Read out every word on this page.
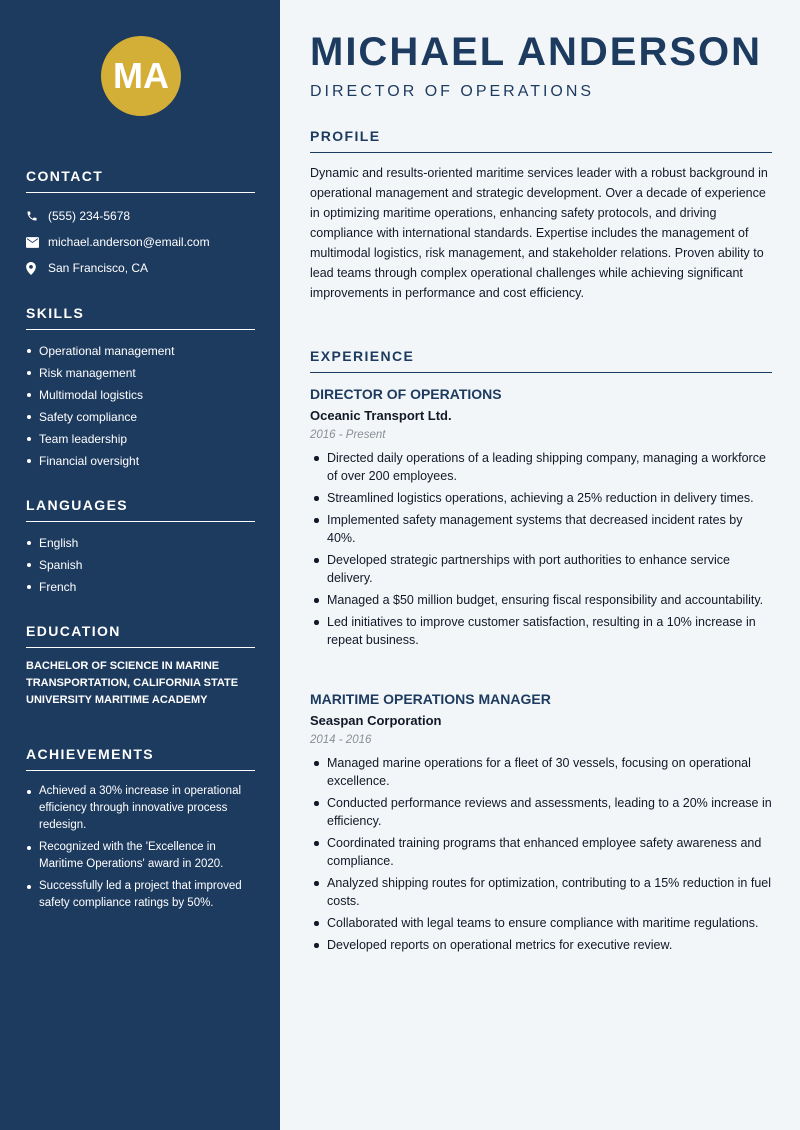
MA
CONTACT
(555) 234-5678
michael.anderson@email.com
San Francisco, CA
SKILLS
Operational management
Risk management
Multimodal logistics
Safety compliance
Team leadership
Financial oversight
LANGUAGES
English
Spanish
French
EDUCATION
BACHELOR OF SCIENCE IN MARINE TRANSPORTATION, CALIFORNIA STATE UNIVERSITY MARITIME ACADEMY
ACHIEVEMENTS
Achieved a 30% increase in operational efficiency through innovative process redesign.
Recognized with the 'Excellence in Maritime Operations' award in 2020.
Successfully led a project that improved safety compliance ratings by 50%.
MICHAEL ANDERSON
DIRECTOR OF OPERATIONS
PROFILE

Dynamic and results-oriented maritime services leader with a robust background in operational management and strategic development. Over a decade of experience in optimizing maritime operations, enhancing safety protocols, and driving compliance with international standards. Expertise includes the management of multimodal logistics, risk management, and stakeholder relations. Proven ability to lead teams through complex operational challenges while achieving significant improvements in performance and cost efficiency.

EXPERIENCE
DIRECTOR OF OPERATIONS
Oceanic Transport Ltd.
2016 - Present
Directed daily operations of a leading shipping company, managing a workforce of over 200 employees.
Streamlined logistics operations, achieving a 25% reduction in delivery times.
Implemented safety management systems that decreased incident rates by 40%.
Developed strategic partnerships with port authorities to enhance service delivery.
Managed a $50 million budget, ensuring fiscal responsibility and accountability.
Led initiatives to improve customer satisfaction, resulting in a 10% increase in repeat business.
MARITIME OPERATIONS MANAGER
Seaspan Corporation
2014 - 2016
Managed marine operations for a fleet of 30 vessels, focusing on operational excellence.
Conducted performance reviews and assessments, leading to a 20% increase in efficiency.
Coordinated training programs that enhanced employee safety awareness and compliance.
Analyzed shipping routes for optimization, contributing to a 15% reduction in fuel costs.
Collaborated with legal teams to ensure compliance with maritime regulations.
Developed reports on operational metrics for executive review.
